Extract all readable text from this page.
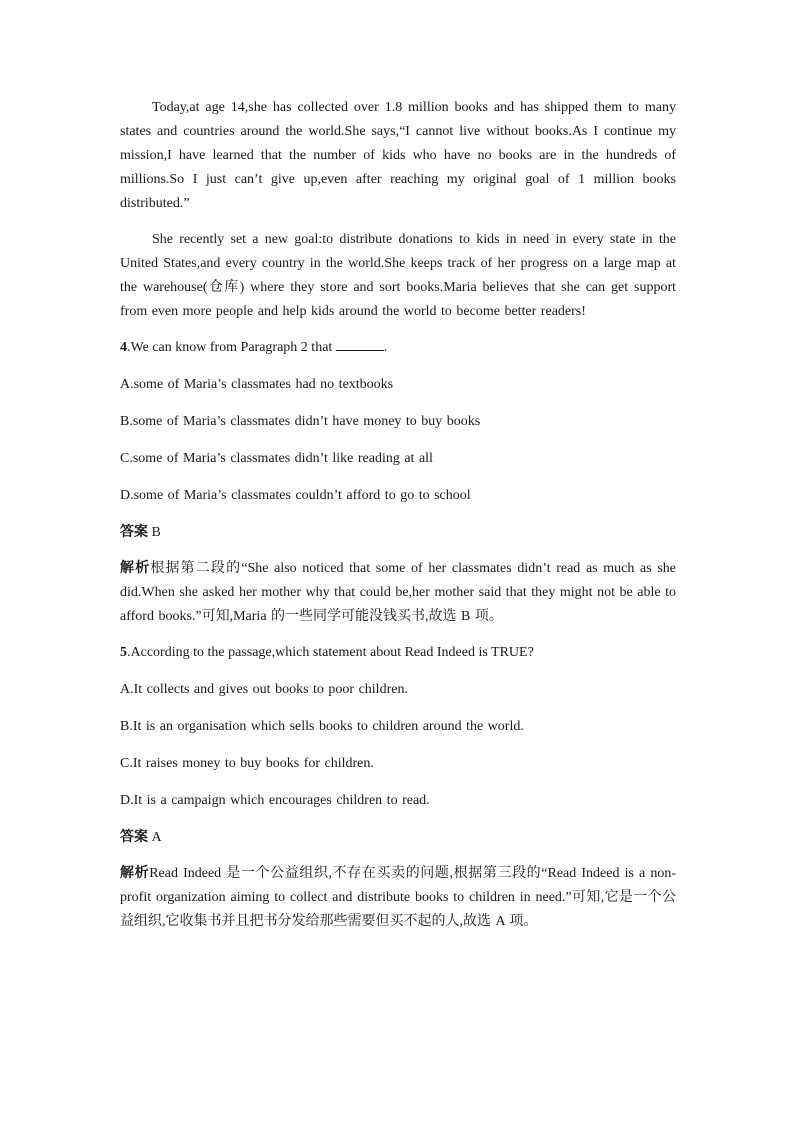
Today,at age 14,she has collected over 1.8 million books and has shipped them to many states and countries around the world.She says,“I cannot live without books.As I continue my mission,I have learned that the number of kids who have no books are in the hundreds of millions.So I just can’t give up,even after reaching my original goal of 1 million books distributed.”

She recently set a new goal:to distribute donations to kids in need in every state in the United States,and every country in the world.She keeps track of her progress on a large map at the warehouse(仓库) where they store and sort books.Maria believes that she can get support from even more people and help kids around the world to become better readers!

4.We can know from Paragraph 2 that	.

A.some of Maria’s classmates had no textbooks

B.some of Maria’s classmates didn’t have money to buy books

C.some of Maria’s classmates didn’t like reading at all

D.some of Maria’s classmates couldn’t afford to go to school

答案 B

解析根据第二段的“She also noticed that some of her classmates didn’t read as much as she did.When she asked her mother why that could be,her mother said that they might not be able to afford books.”可知,Maria 的一些同学可能没钱买书,故选 B 项。

5.According to the passage,which statement about Read Indeed is TRUE?

A.It collects and gives out books to poor children.

B.It is an organisation which sells books to children around the world.

C.It raises money to buy books for children.

D.It is a campaign which encourages children to read.

答案 A

解析Read Indeed 是一个公益组织,不存在买卖的问题,根据第三段的“Read Indeed is a non-profit organization aiming to collect and distribute books to children in need.”可知,它是一个公益组织,它收集书并且把书分发给那些需要但买不起的人,故选 A 项。
